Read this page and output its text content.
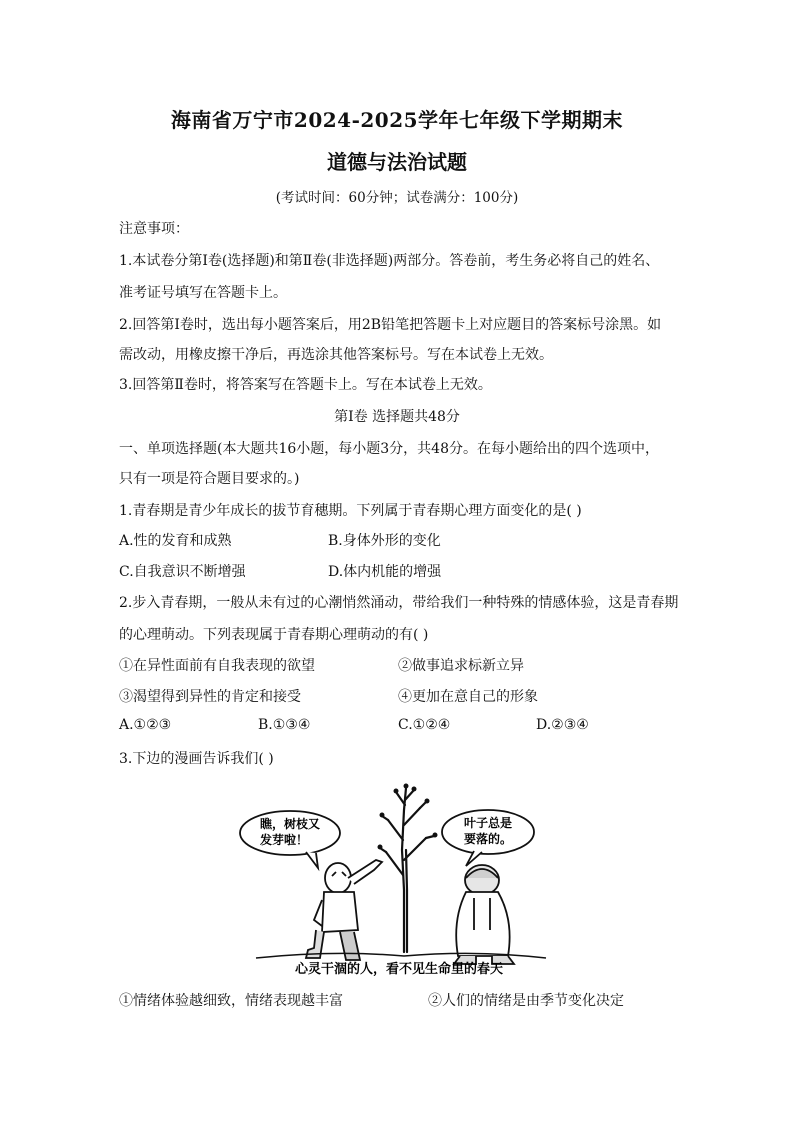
海南省万宁市2024-2025学年七年级下学期期末
道德与法治试题
(考试时间：60分钟；试卷满分：100分)
注意事项：
1.本试卷分第Ⅰ卷(选择题)和第Ⅱ卷(非选择题)两部分。答卷前，考生务必将自己的姓名、
准考证号填写在答题卡上。
2.回答第Ⅰ卷时，选出每小题答案后，用2B铅笔把答题卡上对应题目的答案标号涂黑。如
需改动，用橡皮擦干净后，再选涂其他答案标号。写在本试卷上无效。
3.回答第Ⅱ卷时，将答案写在答题卡上。写在本试卷上无效。
第Ⅰ卷 选择题共48分
一、单项选择题(本大题共16小题，每小题3分，共48分。在每小题给出的四个选项中，
只有一项是符合题目要求的。)
1.青春期是青少年成长的拔节育穗期。下列属于青春期心理方面变化的是( )
A.性的发育和成熟	B.身体外形的变化
C.自我意识不断增强	D.体内机能的增强
2.步入青春期，一般从未有过的心潮悄然涌动，带给我们一种特殊的情感体验，这是青春期
的心理萌动。下列表现属于青春期心理萌动的有( )
①在异性面前有自我表现的欲望	②做事追求标新立异
③渴望得到异性的肯定和接受	④更加在意自己的形象
A.①②③	B.①③④	C.①②④	D.②③④
3.下边的漫画告诉我们( )
瞧，树枝又
发芽啦！
叶子总是
要落的。
心灵干涸的人，看不见生命里的春天
①情绪体验越细致，情绪表现越丰富	②人们的情绪是由季节变化决定
